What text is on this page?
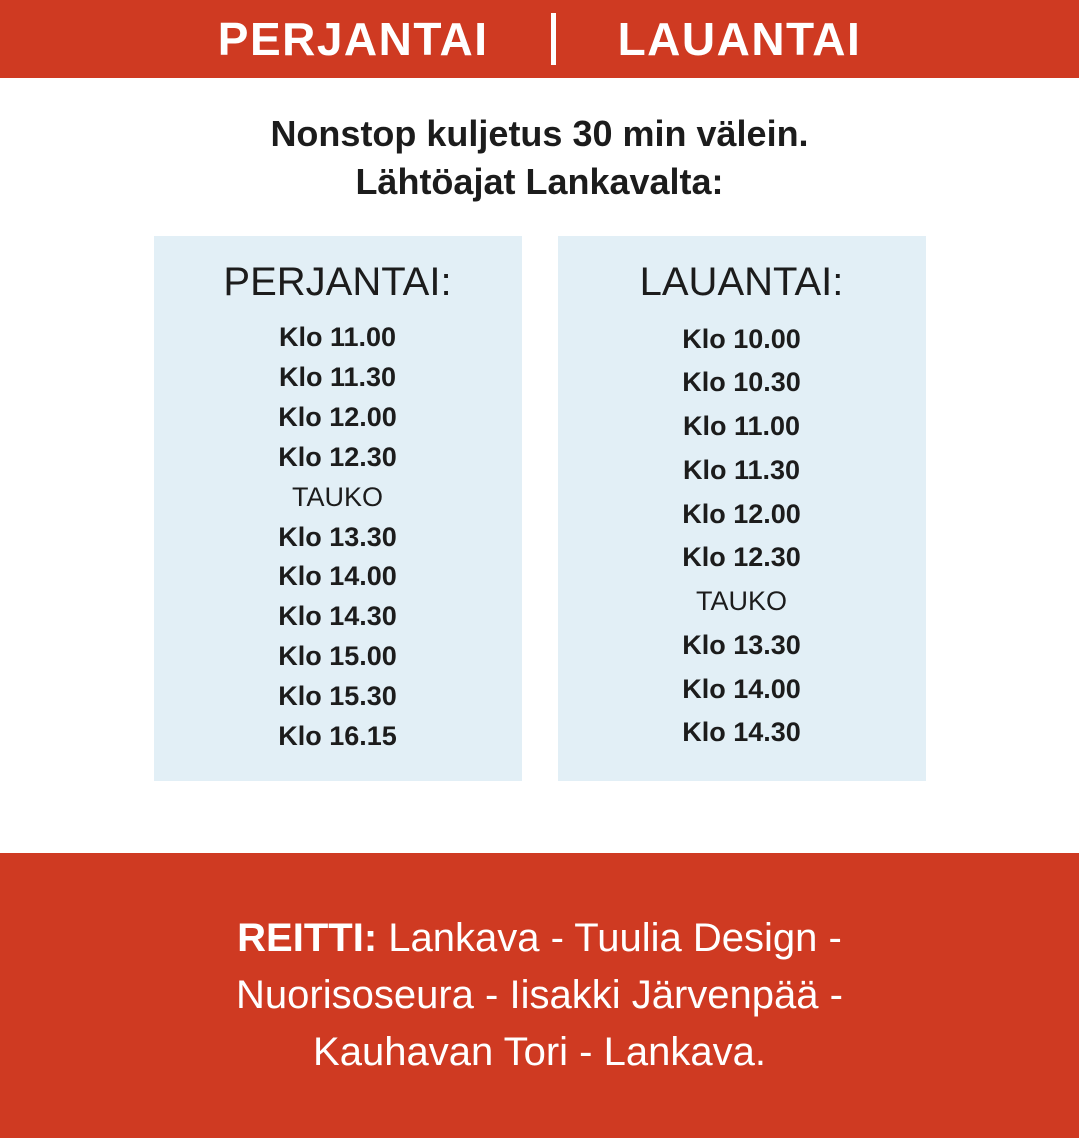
PERJANTAI	LAUANTAI
Nonstop kuljetus 30 min välein.
Lähtöajat Lankavalta:
PERJANTAI:
Klo 11.00
Klo 11.30
Klo 12.00
Klo 12.30
TAUKO
Klo 13.30
Klo 14.00
Klo 14.30
Klo 15.00
Klo 15.30
Klo 16.15
LAUANTAI:
Klo 10.00
Klo 10.30
Klo 11.00
Klo 11.30
Klo 12.00
Klo 12.30
TAUKO
Klo 13.30
Klo 14.00
Klo 14.30
REITTI: Lankava - Tuulia Design -
Nuorisoseura - Iisakki Järvenpää -
Kauhavan Tori - Lankava.
